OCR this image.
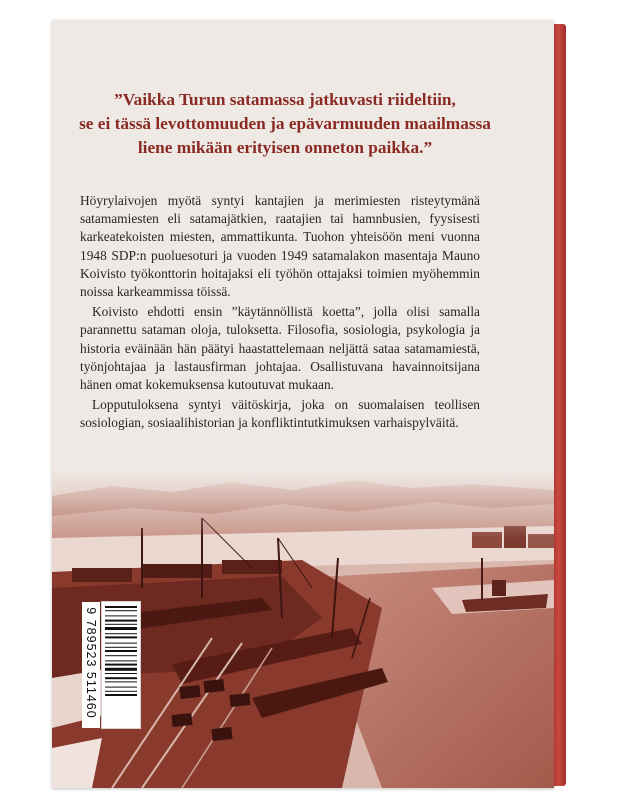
”Vaikka Turun satamassa jatkuvasti riideltiin,
se ei tässä levottomuuden ja epävarmuuden maailmassa
liene mikään erityisen onneton paikka.”

Höyrylaivojen myötä syntyi kantajien ja merimiesten risteytymänä satamamiesten eli satamajätkien, raatajien tai hamnbusien, fyysisesti karkeatekoisten miesten, ammattikunta. Tuohon yhteisöön meni vuonna 1948 SDP:n puoluesoturi ja vuoden 1949 satamalakon masentaja Mauno Koivisto työkonttorin hoitajaksi eli työhön ottajaksi toimien myöhemmin noissa karkeammissa töissä.

Koivisto ehdotti ensin ”käytännöllistä koetta”, jolla olisi samalla parannettu sataman oloja, tuloksetta. Filosofia, sosiologia, psykologia ja historia eväinään hän päätyi haastattelemaan neljättä sataa satamamiestä, työnjohtajaa ja lastausfirman johtajaa. Osallistuvana havainnoitsijana hänen omat kokemuksensa kutoutuvat mukaan.

Lopputuloksena syntyi väitöskirja, joka on suomalaisen teollisen sosiologian, sosiaalihistorian ja konfliktintutkimuksen varhaispylväitä.

9 789523 511460
